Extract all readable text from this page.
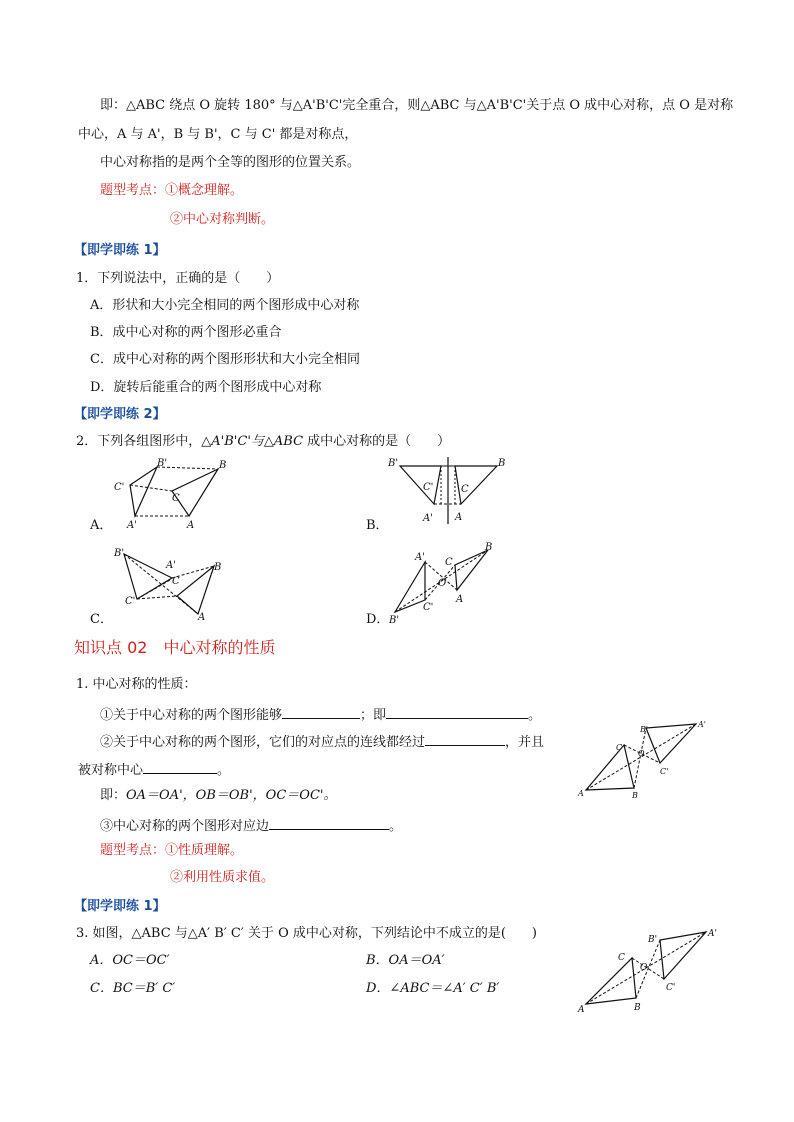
即：△ABC 绕点 O 旋转 180° 与△A'B'C'完全重合，则△ABC 与△A'B'C'关于点 O 成中心对称，点 O 是对称
中心，A 与 A'，B 与 B'，C 与 C' 都是对称点，
中心对称指的是两个全等的图形的位置关系。
题型考点：①概念理解。
②中心对称判断。
【即学即练 1】
1．下列说法中，正确的是（　　）
A．形状和大小完全相同的两个图形成中心对称
B．成中心对称的两个图形必重合
C．成中心对称的两个图形形状和大小完全相同
D．旋转后能重合的两个图形成中心对称
【即学即练 2】
2．下列各组图形中，△A'B'C'与△ABC 成中心对称的是（　　）
A．	B．
C．	D．
B'	B
C'
C
A'	A
B'	B
C'	C
A' A
B'
A'
C
B
C'
A
A' C
B
O
C'
A
B'
知识点 02　中心对称的性质
1. 中心对称的性质：
①关于中心对称的两个图形能够	；即	。
②关于中心对称的两个图形，它们的对应点的连线都经过	，并且
被对称中心	。
即：OA＝OA'，OB＝OB'，OC＝OC'。
③中心对称的两个图形对应边	。
题型考点：①性质理解。
②利用性质求值。
B'
A'
C
O
C'
A	B
【即学即练 1】
3. 如图，△ABC 与△A′ B′ C′ 关于 O 成中心对称，下列结论中不成立的是(　　)
A．OC＝OC′	B．OA＝OA′
C．BC＝B′ C′	D．∠ABC＝∠A′ C′ B′
B'
A'
C
O
C'
A	B
